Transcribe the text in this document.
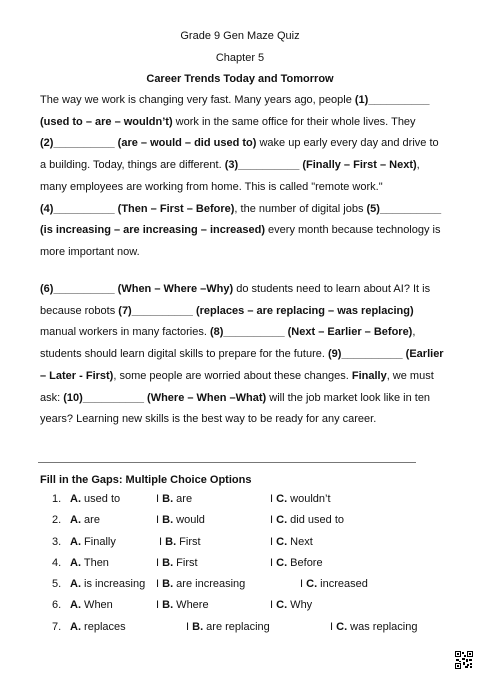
Grade 9 Gen Maze Quiz
Chapter 5
Career Trends Today and Tomorrow
The way we work is changing very fast. Many years ago, people (1)__________ (used to – are – wouldn’t) work in the same office for their whole lives. They (2)__________ (are – would – did used to) wake up early every day and drive to a building. Today, things are different. (3)__________ (Finally – First – Next), many employees are working from home. This is called "remote work." (4)__________ (Then – First – Before), the number of digital jobs (5)__________ (is increasing – are increasing – increased) every month because technology is more important now.
(6)__________ (When – Where –Why) do students need to learn about AI? It is because robots (7)__________ (replaces – are replacing – was replacing) manual workers in many factories. (8)__________ (Next – Earlier – Before), students should learn digital skills to prepare for the future. (9)__________ (Earlier – Later - First), some people are worried about these changes. Finally, we must ask: (10)__________ (Where – When –What) will the job market look like in ten years? Learning new skills is the best way to be ready for any career.
Fill in the Gaps: Multiple Choice Options
1. A. used to	I B. are	I C. wouldn’t
2. A. are	I B. would	I C. did used to
3. A. Finally	I B. First	I C. Next
4. A. Then	I B. First	I C. Before
5. A. is increasing I B. are increasing	I C. increased
6. A. When	I B. Where	I C. Why
7. A. replaces	I B. are replacing	I C. was replacing
